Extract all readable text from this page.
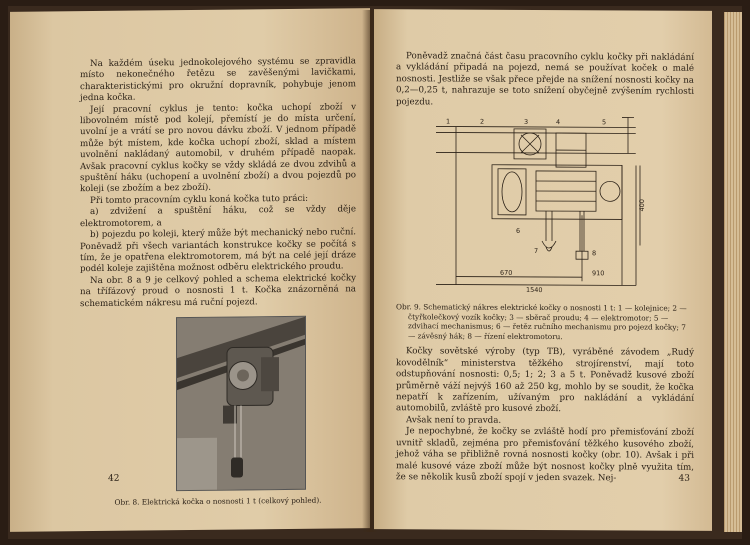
Na každém úseku jednokolejového systému se zpravidla místo nekonečného řetězu se zavěšenými lavičkami, charakteristickými pro okružní dopravník, pohybuje jenom jedna kočka.

Její pracovní cyklus je tento: kočka uchopí zboží v libovolném místě pod kolejí, přemístí je do místa určení, uvolní je a vrátí se pro novou dávku zboží. V jednom případě může být místem, kde kočka uchopí zboží, sklad a místem uvolnění nakládaný automobil, v druhém případě naopak. Avšak pracovní cyklus kočky se vždy skládá ze dvou zdvihů a spuštění háku (uchopení a uvolnění zboží) a dvou pojezdů po koleji (se zbožím a bez zboží).

Při tomto pracovním cyklu koná kočka tuto práci:

a) zdvižení a spuštění háku, což se vždy děje elektromotorem, a

b) pojezdu po koleji, který může být mechanický nebo ruční. Poněvadž při všech variantách konstrukce kočky se počítá s tím, že je opatřena elektromotorem, má být na celé její dráze podél koleje zajištěna možnost odběru elektrického proudu.

Na obr. 8 a 9 je celkový pohled a schema elektrické kočky na třífázový proud o nosnosti 1 t. Kočka znázorněná na schematickém nákresu má ruční pojezd.

Obr. 8. Elektrická kočka o nosnosti 1 t (celkový pohled).
42

Poněvadž značná část času pracovního cyklu kočky při nakládání a vykládání připadá na pojezd, nemá se používat koček o malé nosnosti. Jestliže se však přece přejde na snížení nosnosti kočky na 0,2—0,25 t, nahrazuje se toto snížení obyčejně zvýšením rychlosti pojezdu.

1	2	3	4	5
6
7	8
400
670	910
1540
Obr. 9. Schematický nákres elektrické kočky o nosnosti 1 t: 1 — kolejnice; 2 — čtyřkolečkový vozík kočky; 3 — sběrač proudu; 4 — elektromotor; 5 — zdvihací mechanismus; 6 — řetěz ručního mechanismu pro pojezd kočky; 7 — závěsný hák; 8 — řízení elektromotoru.

Kočky sovětské výroby (typ TB), vyráběné závodem „Rudý kovodělník“ ministerstva těžkého strojírenství, mají toto odstupňování nosnosti: 0,5; 1; 2; 3 a 5 t. Poněvadž kusové zboží průměrně váží nejvýš 160 až 250 kg, mohlo by se soudit, že kočka nepatří k zařízením, užívaným pro nakládání a vykládání automobilů, zvláště pro kusové zboží.

Avšak není to pravda.

Je nepochybné, že kočky se zvláště hodí pro přemisťování zboží uvnitř skladů, zejména pro přemisťování těžkého kusového zboží, jehož váha se přibližně rovná nosnosti kočky (obr. 10). Avšak i při malé kusové váze zboží může být nosnost kočky plně využita tím, že se několik kusů zboží spojí v jeden svazek. Nej-	43
